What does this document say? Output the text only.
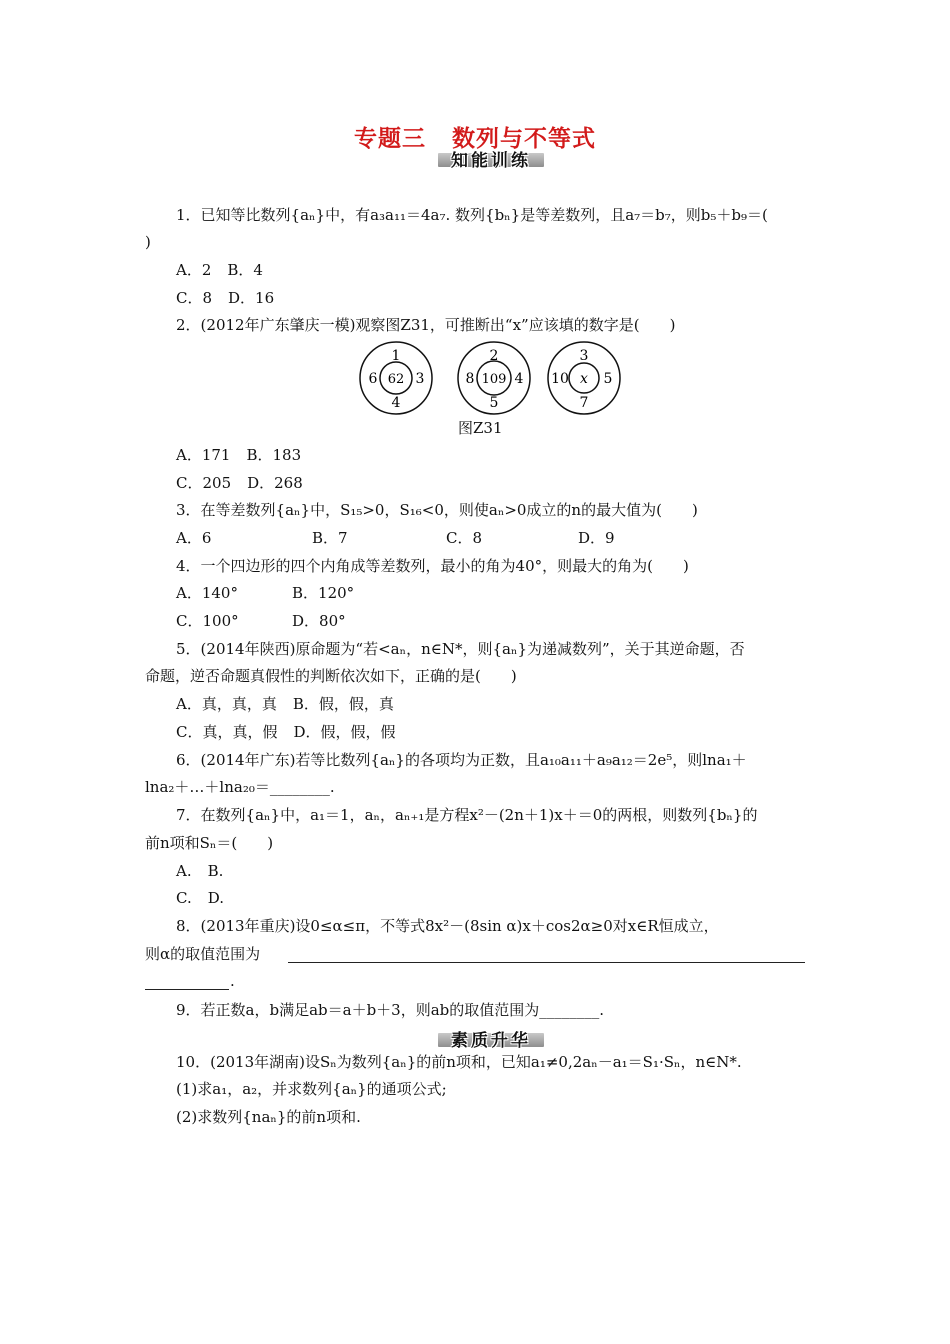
专题三 数列与不等式
知能训练
1．已知等比数列{aₙ}中，有a₃a₁₁＝4a₇. 数列{bₙ}是等差数列，且a₇＝b₇，则b₅＋b₉＝(
)
A．2 B．4
C．8 D．16
2．(2012年广东肇庆一模)观察图Z31，可推断出“x”应该填的数字是(　　)
1
6 62 3
4
2
8 109 4
5
3
10 x 5
7
图Z31
A．171 B．183
C．205 D．268
3．在等差数列{aₙ}中，S₁₅>0，S₁₆<0，则使aₙ>0成立的n的最大值为(　　)
A．6	B．7	C．8	D．9
4．一个四边形的四个内角成等差数列，最小的角为40°，则最大的角为(　　)
A．140°	B．120°
C．100°	D．80°
5．(2014年陕西)原命题为“若<aₙ，n∈N*，则{aₙ}为递减数列”，关于其逆命题，否
命题，逆否命题真假性的判断依次如下，正确的是(　　)
A．真，真，真 B．假，假，真
C．真，真，假 D．假，假，假
6．(2014年广东)若等比数列{aₙ}的各项均为正数，且a₁₀a₁₁＋a₉a₁₂＝2e⁵，则lna₁＋
lna₂＋…＋lna₂₀＝________.
7．在数列{aₙ}中，a₁＝1，aₙ，aₙ₊₁是方程x²－(2n＋1)x＋＝0的两根，则数列{bₙ}的
前n项和Sₙ＝(　　)
A. B.
C. D.
8．(2013年重庆)设0≤α≤π，不等式8x²－(8sin α)x＋cos2α≥0对x∈R恒成立，
则α的取值范围为
.
9．若正数a，b满足ab＝a＋b＋3，则ab的取值范围为________.
素质升华
10．(2013年湖南)设Sₙ为数列{aₙ}的前n项和，已知a₁≠0,2aₙ－a₁＝S₁·Sₙ，n∈N*.
(1)求a₁，a₂，并求数列{aₙ}的通项公式;
(2)求数列{naₙ}的前n项和.
